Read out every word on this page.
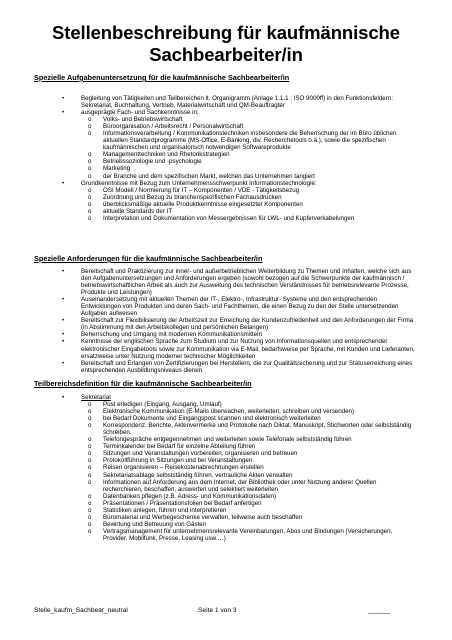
Stellenbeschreibung für kaufmännische Sachbearbeiter/in
Spezielle Aufgabenuntersetzung für die kaufmännische Sachbearbeiter/in
• Begleitung von Tätigkeiten und Teilbereichen lt. Organigramm (Anlage 1.1.1 ; ISO 9000ff) in den Funktionsfeldern: Sekretariat, Buchhaltung, Vertrieb, Materialwirtschaft und QM-Beauftragter
• ausgeprägte Fach- und Sachkenntnisse in:
o Volks- und Betriebswirtschaft
o Büroorganisation / Arbeitsrecht / Personalwirtschaft
o Informationsverarbeitung / Kommunikationstechniken insbesondere die Beherrschung der im Büro üblichen aktuellen Standardprogramme (MS-Office, E-Banking, div. Recherchetools o.ä.), sowie die spezifischen kaufmännischen und organisatorisch notwendigen Softwareprodukte
o Managementtechniken und Rhetorikstrategien
o Betriebssoziologie und -psychologie
o Marketing
o der Branche und dem spezifischen Markt, welchen das Unternehmen tangiert
• Grundkenntnisse mit Bezug zum Unternehmensschwerpunkt Informationstechnologie:
o OSI Modell / Normierung für IT – Komponenten / VDE - Tätigkeitsbezug
o Zuordnung und Bezug zu branchenspezifischen Fachausdrücken
o überblicksmäßige aktuelle Produktkenntnisse eingesetzter Komponenten
o aktuelle Standards der IT
o Interpretation und Dokumentation von Messergebnissen für LWL- und Kupferverkabelungen
Spezielle Anforderungen für die kaufmännische Sachbearbeiter/in
• Bereitschaft und Praktizierung zur inner- und außerbetrieblichen Weiterbildung zu Themen und Inhalten, welche sich aus den Aufgabenuntersetzungen und Anforderungen ergeben (sowohl bezogen auf die Schwerpunkte der kaufmännisch / betriebswirtschaftlichen Arbeit als auch zur Ausweitung des technischen Verständnisses für betriebsrelevante Prozesse, Produkte und Leistungen)
• Auseinandersetzung mit aktuellen Themen der IT-, Elektro-, Infrastruktur- Systeme und den entsprechenden Entwicklungen von Produkten und deren Sach- und Fachthemen, die einen Bezug zu den der Stelle untersetzenden Aufgaben aufweisen
• Bereitschaft zur Flexibilisierung der Arbeitszeit zur Erreichung der Kundenzufriedenheit und den Anforderungen der Firma (in Abstimmung mit den Arbeitskollegen und persönlichen Belangen)
• Beherrschung und Umgang mit modernen Kommunikationsmitteln
• Kenntnisse der englischen Sprache zum Studium und zur Nutzung von Informationsquellen und entsprechender elektronischer Eingabetools sowie zur Kommunikation via E-Mail, bedarfsweise per Sprache, mit Kunden und Lieferanten, ersatzweise unter Nutzung moderner technischer Möglichkeiten
• Bereitschaft und Erlangen von Zertifizierungen bei Herstellern, die zur Qualitätssicherung und zur Statuserreichung eines entsprechenden Ausbildungsniveaus dienen
Teilbereichsdefinition für die kaufmännische Sachbearbeiter/in
• Sekretariat
o Post erledigen (Eingang, Ausgang, Umlauf)
o Elektronische Kommunikation (E-Mails überwachen, weiterleiten, schreiben und versenden)
o bei Bedarf Dokumente und Eingangspost scannen und elektronisch weiterleiten
o Korrespondenz, Berichte, Aktenvermerke und Protokolle nach Diktat, Manuskript, Stichworten oder selbstständig schreiben.
o Telefongespräche entgegennehmen und weiterleiten sowie Telefonate selbstständig führen
o Terminkalender bei Bedarf für einzelne Abteilung führen
o Sitzungen und Veranstaltungen vorbereiten, organisieren und betreuen
o Protokollführung in Sitzungen und bei Veranstaltungen
o Reisen organisieren – Reisekostenabrechnungen erstellen
o Sekretariatsablage selbstständig führen, vertrauliche Akten verwalten
o Informationen auf Anforderung aus dem Internet, der Bibliothek oder unter Nutzung anderer Quellen recherchieren, beschaffen, auswerten und selektiert weiterleiten
o Datenbanken pflegen (z.B. Adress- und Kommunikationsdaten)
o Präsentationen / Präsentationsfolien bei Bedarf anfertigen
o Statistiken anlegen, führen und interpretieren
o Büromaterial und Werbegeschenke verwalten, teilweise auch beschaffen
o Bewirtung und Betreuung von Gästen
o Vertragsmanagement für unternehmensrelevante Vereinbarungen, Abos und Bindungen (Versicherungen, Provider, Mobilfunk, Presse, Leasing usw.…)
Stelle_kaufm_Sachbear_neutral	Seite 1 von 3	______
